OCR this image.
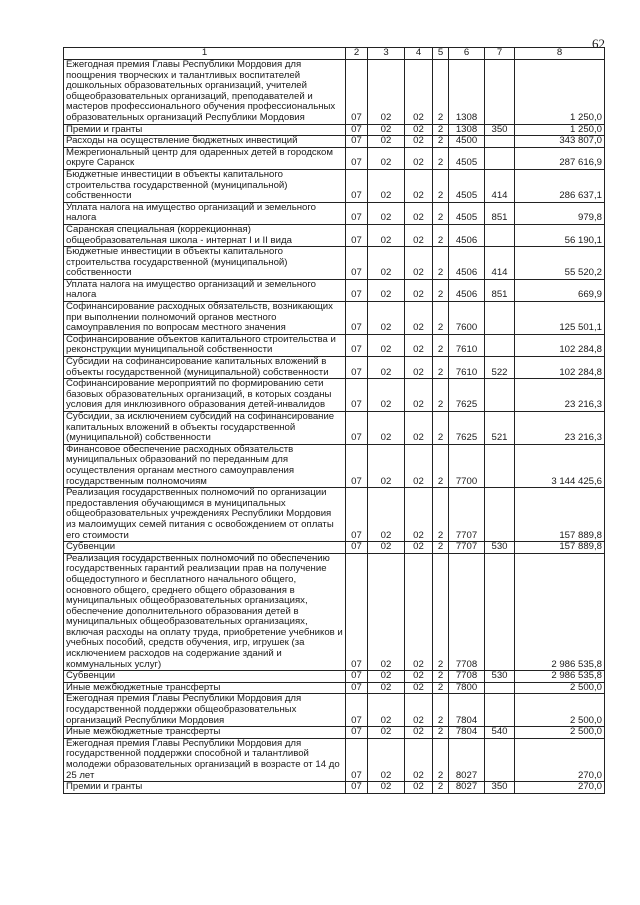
62
1	2	3	4	5	6	7	8
Ежегодная премия Главы Республики Мордовия для поощрения творческих и талантливых воспитателей дошкольных образовательных организаций, учителей общеобразовательных организаций, преподавателей и мастеров профессионального обучения профессиональных образовательных организаций Республики Мордовия	07	02	02	2	1308		1 250,0
Премии и гранты	07	02	02	2	1308	350	1 250,0
Расходы на осуществление бюджетных инвестиций	07	02	02	2	4500		343 807,0
Межрегиональный центр для одаренных детей в городском округе Саранск	07	02	02	2	4505		287 616,9
Бюджетные инвестиции в объекты капитального строительства государственной (муниципальной) собственности	07	02	02	2	4505	414	286 637,1
Уплата налога на имущество организаций и земельного налога	07	02	02	2	4505	851	979,8
Саранская специальная (коррекционная) общеобразовательная школа - интернат I и II вида	07	02	02	2	4506		56 190,1
Бюджетные инвестиции в объекты капитального строительства государственной (муниципальной) собственности	07	02	02	2	4506	414	55 520,2
Уплата налога на имущество организаций и земельного налога	07	02	02	2	4506	851	669,9
Софинансирование расходных обязательств, возникающих при выполнении полномочий органов местного самоуправления по вопросам местного значения	07	02	02	2	7600		125 501,1
Софинансирование объектов капитального строительства и реконструкции муниципальной собственности	07	02	02	2	7610		102 284,8
Субсидии на софинансирование капитальных вложений в объекты государственной (муниципальной) собственности	07	02	02	2	7610	522	102 284,8
Софинансирование мероприятий по формированию сети базовых образовательных организаций, в которых созданы условия для инклюзивного образования детей-инвалидов	07	02	02	2	7625		23 216,3
Субсидии, за исключением субсидий на софинансирование капитальных вложений в объекты государственной (муниципальной) собственности	07	02	02	2	7625	521	23 216,3
Финансовое обеспечение расходных обязательств муниципальных образований по переданным для осуществления органам местного самоуправления государственным полномочиям	07	02	02	2	7700		3 144 425,6
Реализация государственных полномочий по организации предоставления обучающимся в муниципальных общеобразовательных учреждениях Республики Мордовия из малоимущих семей питания с освобождением от оплаты его стоимости	07	02	02	2	7707		157 889,8
Субвенции	07	02	02	2	7707	530	157 889,8
Реализация государственных полномочий по обеспечению государственных гарантий реализации прав на получение общедоступного и бесплатного начального общего, основного общего, среднего общего образования в муниципальных общеобразовательных организациях, обеспечение дополнительного образования детей в муниципальных общеобразовательных организациях, включая расходы на оплату труда, приобретение учебников и учебных пособий, средств обучения, игр, игрушек (за исключением расходов на содержание зданий и коммунальных услуг)	07	02	02	2	7708		2 986 535,8
Субвенции	07	02	02	2	7708	530	2 986 535,8
Иные межбюджетные трансферты	07	02	02	2	7800		2 500,0
Ежегодная премия Главы Республики Мордовия для государственной поддержки общеобразовательных организаций Республики Мордовия	07	02	02	2	7804		2 500,0
Иные межбюджетные трансферты	07	02	02	2	7804	540	2 500,0
Ежегодная премия Главы Республики Мордовия для государственной поддержки способной и талантливой молодежи образовательных организаций в возрасте от 14 до 25 лет	07	02	02	2	8027		270,0
Премии и гранты	07	02	02	2	8027	350	270,0
